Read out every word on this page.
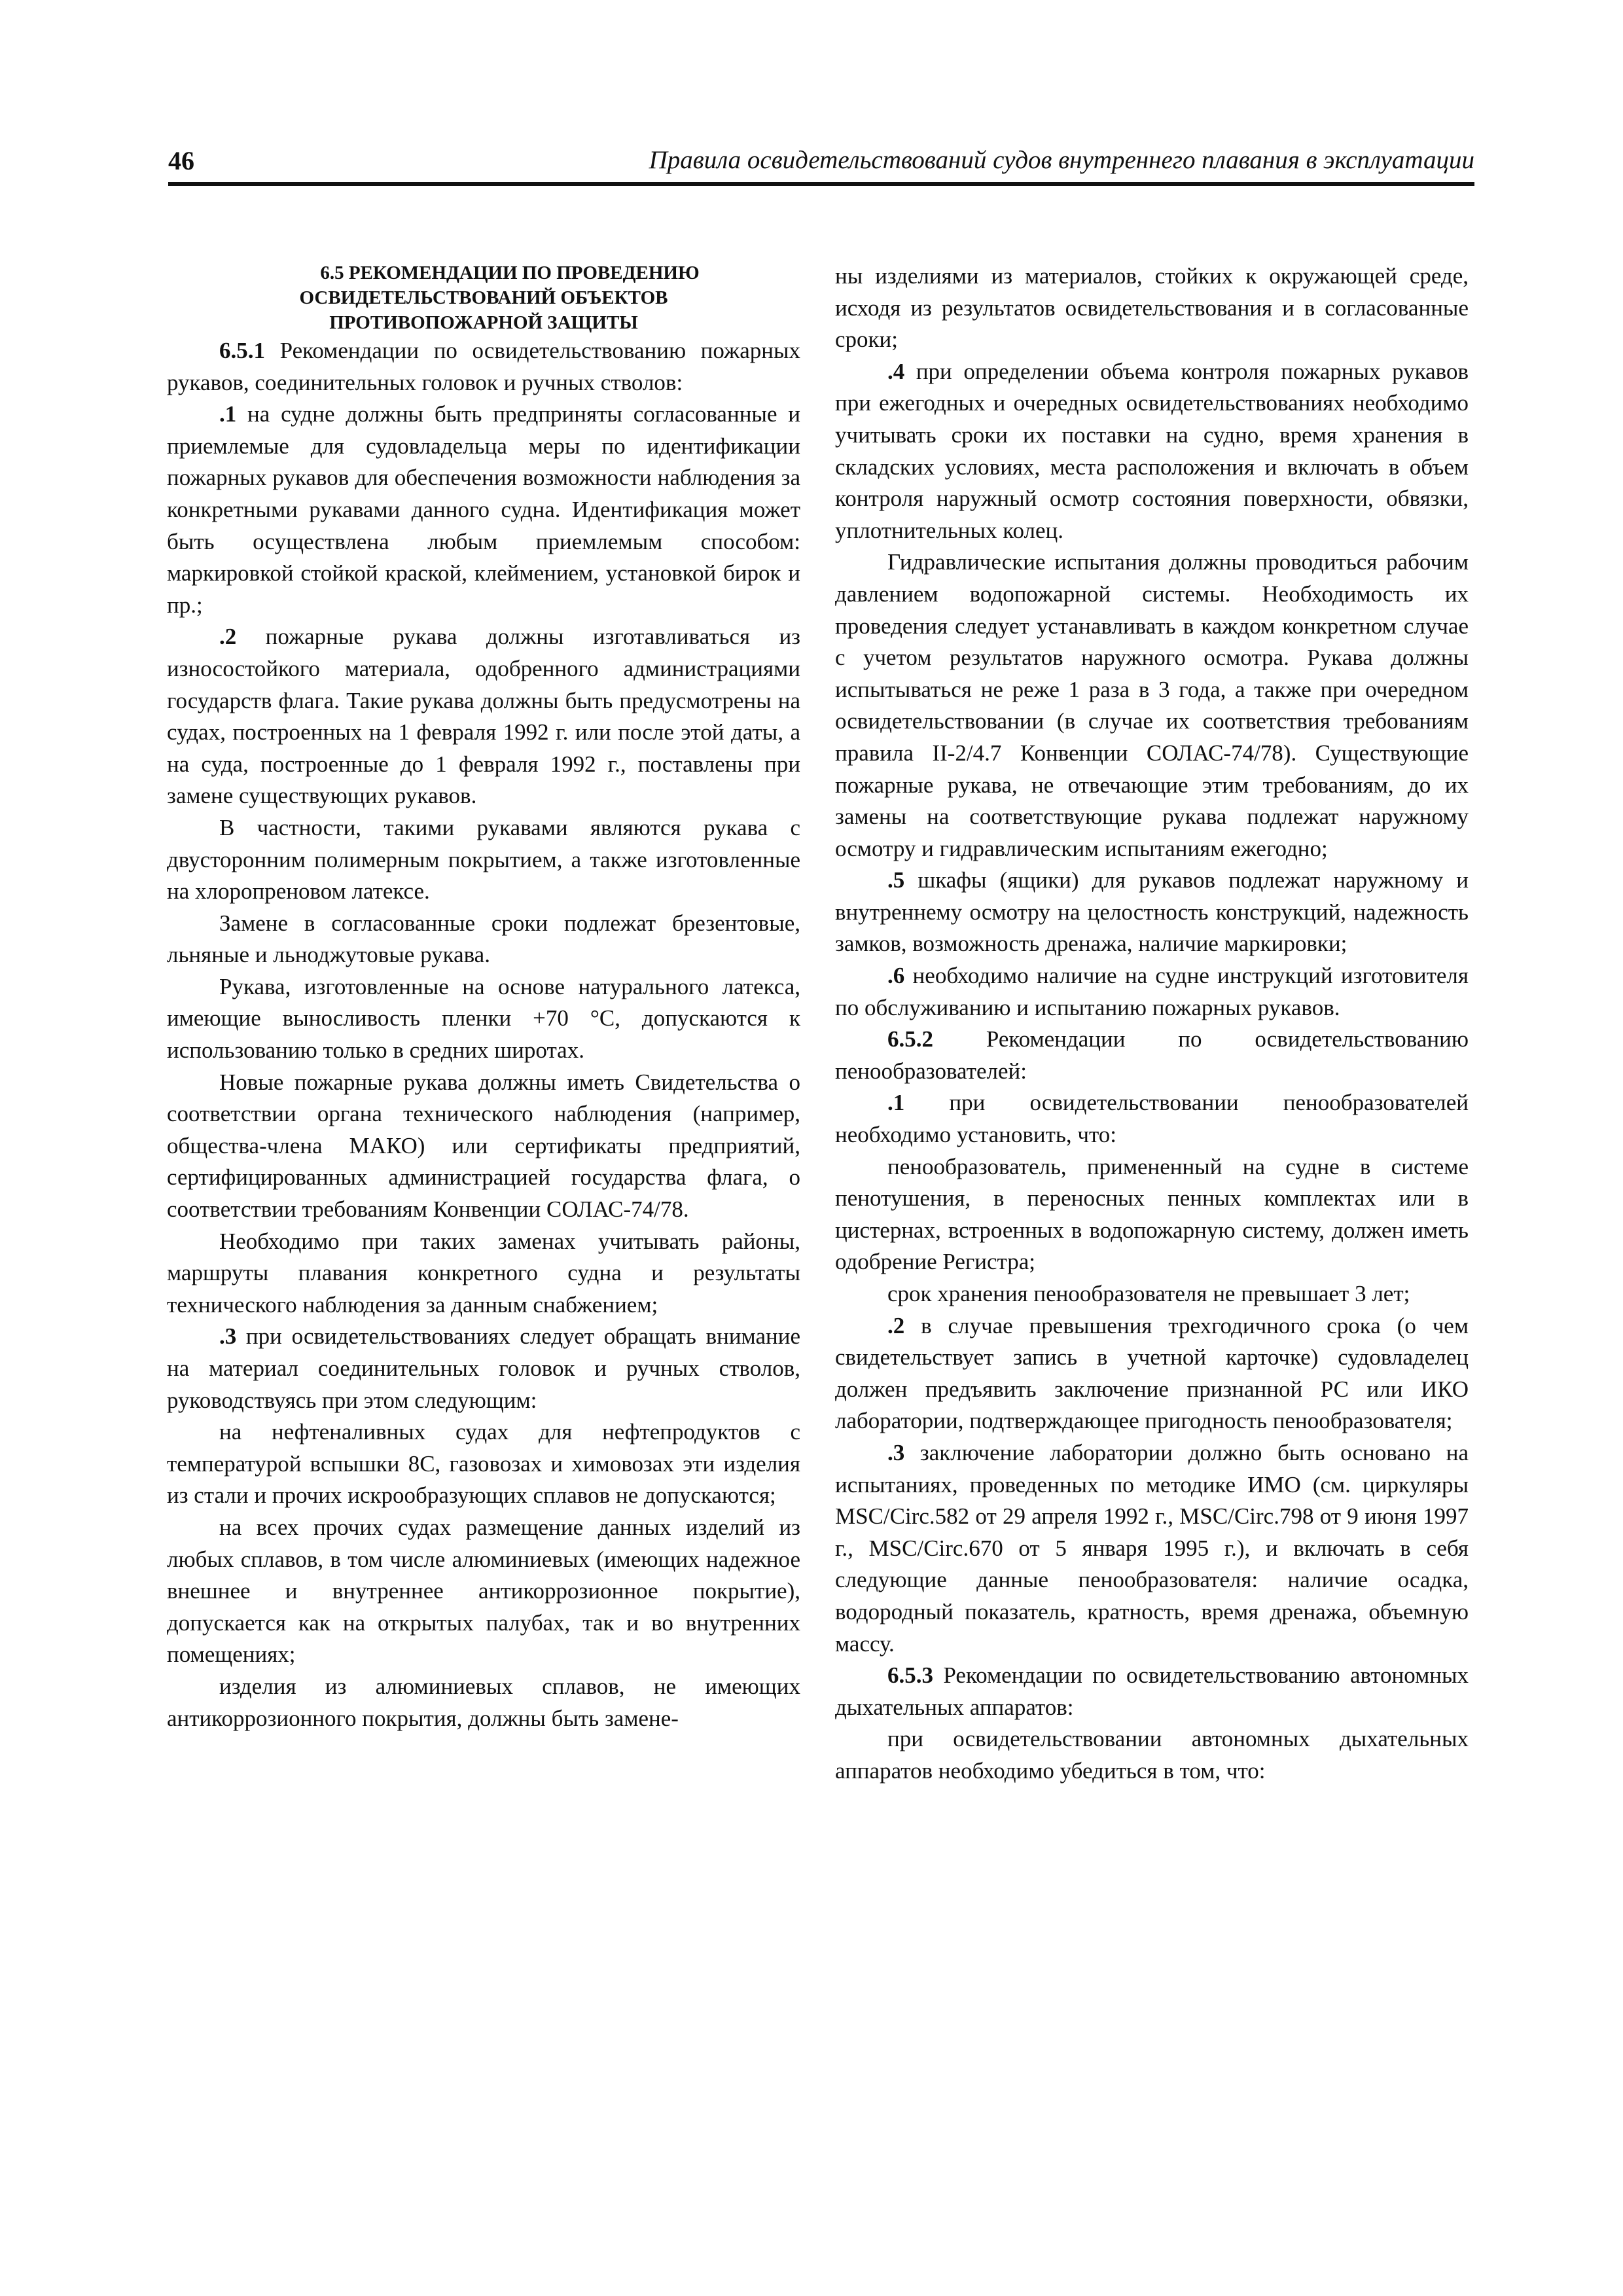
46	Правила освидетельствований судов внутреннего плавания в эксплуатации

6.5 РЕКОМЕНДАЦИИ ПО ПРОВЕДЕНИЮ ОСВИДЕТЕЛЬСТВОВАНИЙ ОБЪЕКТОВ ПРОТИВОПОЖАРНОЙ ЗАЩИТЫ

6.5.1 Рекомендации по освидетельствованию пожарных рукавов, соединительных головок и ручных стволов:

.1 на судне должны быть предприняты согласованные и приемлемые для судовладельца меры по идентификации пожарных рукавов для обеспечения возможности наблюдения за конкретными рукавами данного судна. Идентификация может быть осуществлена любым приемлемым способом: маркировкой стойкой краской, клеймением, установкой бирок и пр.;

.2 пожарные рукава должны изготавливаться из износостойкого материала, одобренного администрациями государств флага. Такие рукава должны быть предусмотрены на судах, построенных на 1 февраля 1992 г. или после этой даты, а на суда, построенные до 1 февраля 1992 г., поставлены при замене существующих рукавов.

В частности, такими рукавами являются рукава с двусторонним полимерным покрытием, а также изготовленные на хлоропреновом латексе.

Замене в согласованные сроки подлежат брезентовые, льняные и льноджутовые рукава.

Рукава, изготовленные на основе натурального латекса, имеющие выносливость пленки +70 °С, допускаются к использованию только в средних широтах.

Новые пожарные рукава должны иметь Свидетельства о соответствии органа технического наблюдения (например, общества-члена МАКО) или сертификаты предприятий, сертифицированных администрацией государства флага, о соответствии требованиям Конвенции СОЛАС-74/78.

Необходимо при таких заменах учитывать районы, маршруты плавания конкретного судна и результаты технического наблюдения за данным снабжением;

.3 при освидетельствованиях следует обращать внимание на материал соединительных головок и ручных стволов, руководствуясь при этом следующим:

на нефтеналивных судах для нефтепродуктов с температурой вспышки 8С, газовозах и химовозах эти изделия из стали и прочих искрообразующих сплавов не допускаются;

на всех прочих судах размещение данных изделий из любых сплавов, в том числе алюминиевых (имеющих надежное внешнее и внутреннее антикоррозионное покрытие), допускается как на открытых палубах, так и во внутренних помещениях;

изделия из алюминиевых сплавов, не имеющих антикоррозионного покрытия, должны быть замене-

ны изделиями из материалов, стойких к окружающей среде, исходя из результатов освидетельствования и в согласованные сроки;

.4 при определении объема контроля пожарных рукавов при ежегодных и очередных освидетельствованиях необходимо учитывать сроки их поставки на судно, время хранения в складских условиях, места расположения и включать в объем контроля наружный осмотр состояния поверхности, обвязки, уплотнительных колец.

Гидравлические испытания должны проводиться рабочим давлением водопожарной системы. Необходимость их проведения следует устанавливать в каждом конкретном случае с учетом результатов наружного осмотра. Рукава должны испытываться не реже 1 раза в 3 года, а также при очередном освидетельствовании (в случае их соответствия требованиям правила II-2/4.7 Конвенции СОЛАС-74/78). Существующие пожарные рукава, не отвечающие этим требованиям, до их замены на соответствующие рукава подлежат наружному осмотру и гидравлическим испытаниям ежегодно;

.5 шкафы (ящики) для рукавов подлежат наружному и внутреннему осмотру на целостность конструкций, надежность замков, возможность дренажа, наличие маркировки;

.6 необходимо наличие на судне инструкций изготовителя по обслуживанию и испытанию пожарных рукавов.

6.5.2 Рекомендации по освидетельствованию пенообразователей:

.1 при освидетельствовании пенообразователей необходимо установить, что:

пенообразователь, примененный на судне в системе пенотушения, в переносных пенных комплектах или в цистернах, встроенных в водопожарную систему, должен иметь одобрение Регистра;

срок хранения пенообразователя не превышает 3 лет;

.2 в случае превышения трехгодичного срока (о чем свидетельствует запись в учетной карточке) судовладелец должен предъявить заключение признанной РС или ИКО лаборатории, подтверждающее пригодность пенообразователя;

.3 заключение лаборатории должно быть основано на испытаниях, проведенных по методике ИМО (см. циркуляры MSC/Circ.582 от 29 апреля 1992 г., MSC/Circ.798 от 9 июня 1997 г., MSC/Circ.670 от 5 января 1995 г.), и включать в себя следующие данные пенообразователя: наличие осадка, водородный показатель, кратность, время дренажа, объемную массу.

6.5.3 Рекомендации по освидетельствованию автономных дыхательных аппаратов:

при освидетельствовании автономных дыхательных аппаратов необходимо убедиться в том, что:
